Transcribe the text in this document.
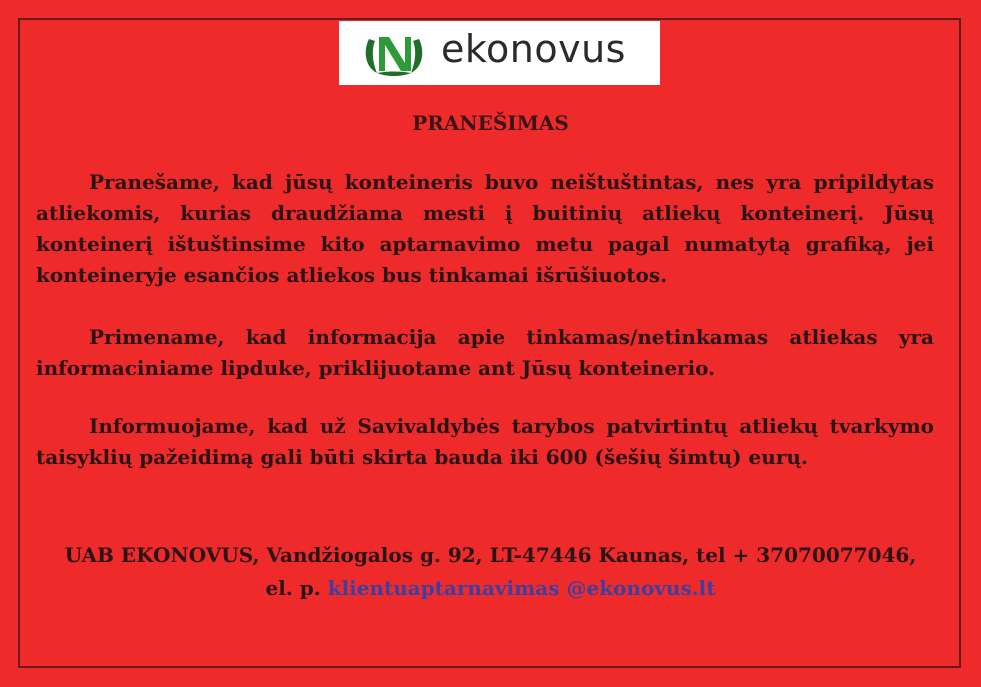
ekonovus
PRANEŠIMAS
Pranešame, kad jūsų konteineris buvo neištuštintas, nes yra pripildytas atliekomis, kurias draudžiama mesti į buitinių atliekų konteinerį. Jūsų konteinerį ištuštinsime kito aptarnavimo metu pagal numatytą grafiką, jei konteineryje esančios atliekos bus tinkamai išrūšiuotos.
Primename, kad informacija apie tinkamas/netinkamas atliekas yra informaciniame lipduke, priklijuotame ant Jūsų konteinerio.
Informuojame, kad už Savivaldybės tarybos patvirtintų atliekų tvarkymo taisyklių pažeidimą gali būti skirta bauda iki 600 (šešių šimtų) eurų.
UAB EKONOVUS, Vandžiogalos g. 92, LT-47446 Kaunas, tel + 37070077046,
el. p. klientuaptarnavimas @ekonovus.lt
